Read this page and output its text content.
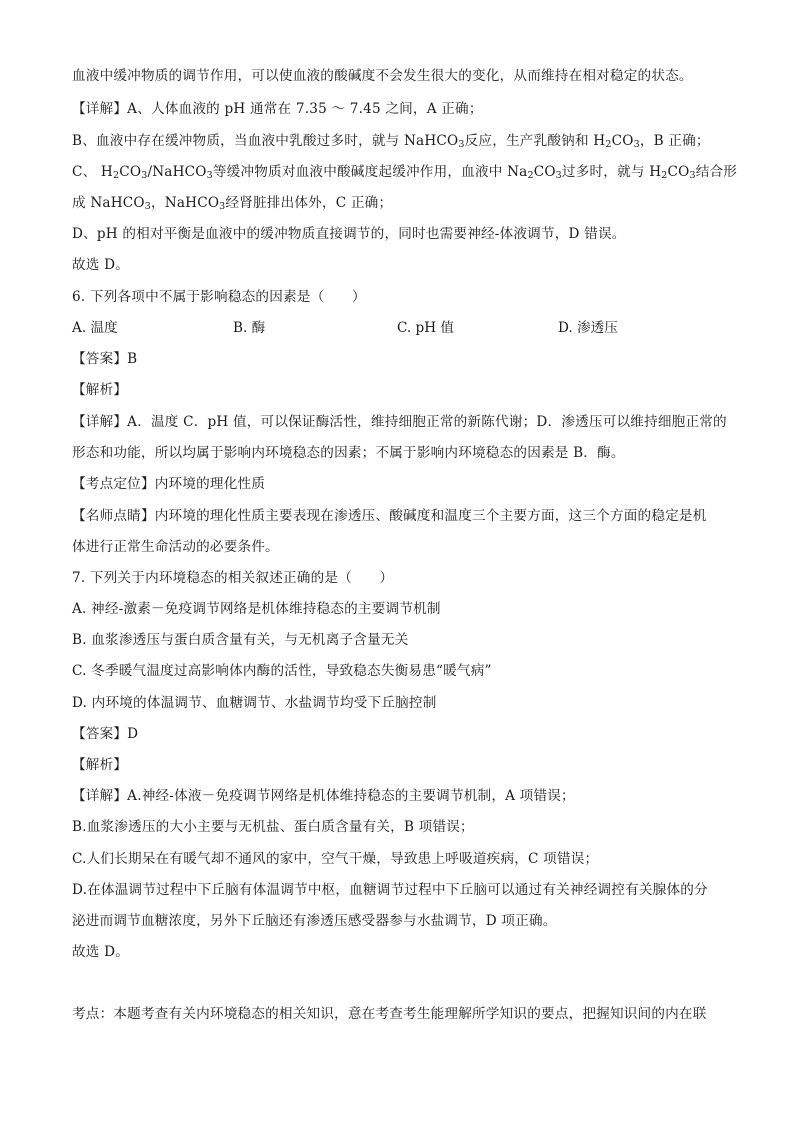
血液中缓冲物质的调节作用，可以使血液的酸碱度不会发生很大的变化，从而维持在相对稳定的状态。
【详解】A、人体血液的 pH 通常在 7.35 ～ 7.45 之间，A 正确；
B、血液中存在缓冲物质，当血液中乳酸过多时，就与 NaHCO$_3$反应，生产乳酸钠和 $H_2CO_3$，B 正确；
C、 $H_2CO_3/NaHCO_3$等缓冲物质对血液中酸碱度起缓冲作用，血液中 $Na_2CO_3$过多时，就与 $H_2CO_3$结合形
成 NaHCO$_3$，NaHCO$_3$经肾脏排出体外，C 正确；
D、pH 的相对平衡是血液中的缓冲物质直接调节的，同时也需要神经-体液调节，D 错误。
故选 D。
6. 下列各项中不属于影响稳态的因素是（　　）
A. 温度	B. 酶	C. pH 值	D. 渗透压
【答案】B
【解析】
【详解】A．温度 C．pH 值，可以保证酶活性，维持细胞正常的新陈代谢；D．渗透压可以维持细胞正常的
形态和功能，所以均属于影响内环境稳态的因素；不属于影响内环境稳态的因素是 B．酶。
【考点定位】内环境的理化性质
【名师点睛】内环境的理化性质主要表现在渗透压、酸碱度和温度三个主要方面，这三个方面的稳定是机
体进行正常生命活动的必要条件。
7. 下列关于内环境稳态的相关叙述正确的是（　　）
A. 神经-激素－免疫调节网络是机体维持稳态的主要调节机制
B. 血浆渗透压与蛋白质含量有关，与无机离子含量无关
C. 冬季暖气温度过高影响体内酶的活性，导致稳态失衡易患“暖气病”
D. 内环境的体温调节、血糖调节、水盐调节均受下丘脑控制
【答案】D
【解析】
【详解】A.神经-体液－免疫调节网络是机体维持稳态的主要调节机制，A 项错误；
B.血浆渗透压的大小主要与无机盐、蛋白质含量有关，B 项错误；
C.人们长期呆在有暖气却不通风的家中，空气干燥，导致患上呼吸道疾病，C 项错误；
D.在体温调节过程中下丘脑有体温调节中枢，血糖调节过程中下丘脑可以通过有关神经调控有关腺体的分
泌进而调节血糖浓度，另外下丘脑还有渗透压感受器参与水盐调节，D 项正确。
故选 D。
考点：本题考查有关内环境稳态的相关知识，意在考查考生能理解所学知识的要点，把握知识间的内在联
